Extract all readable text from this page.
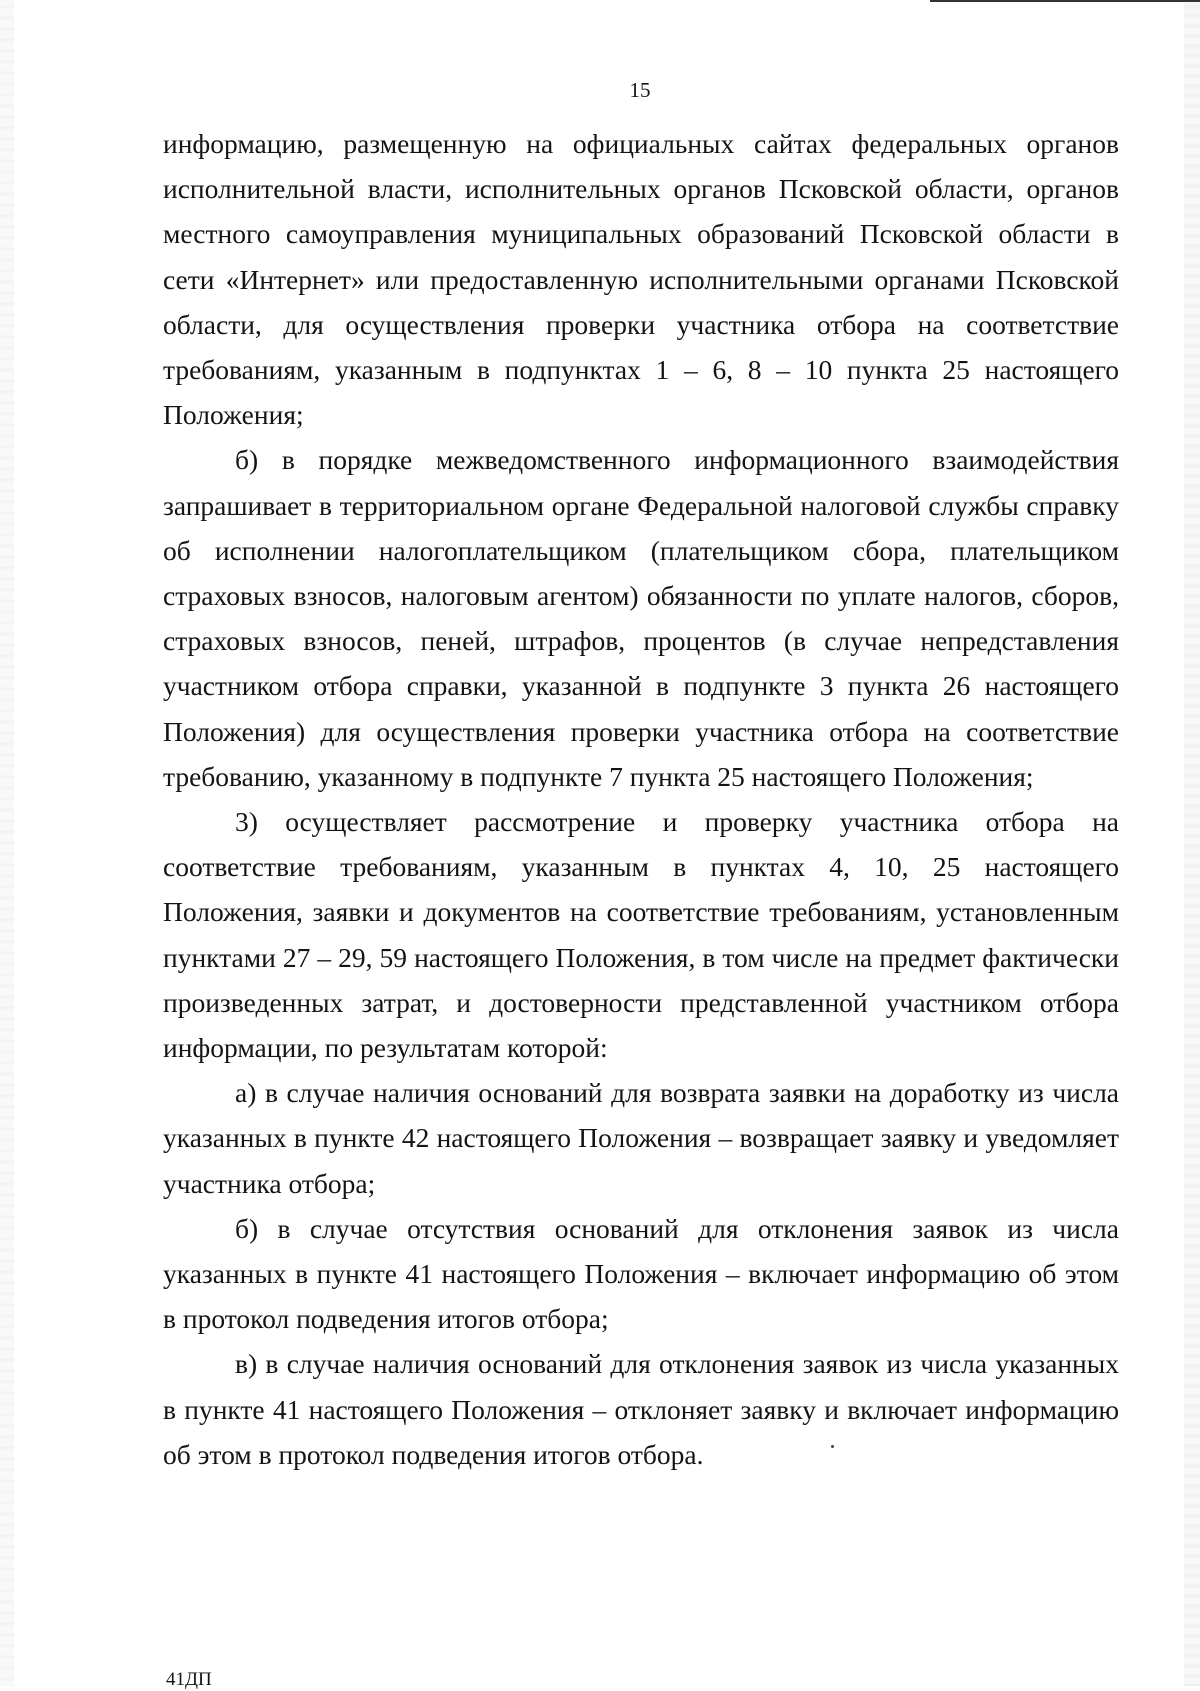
15

информацию, размещенную на официальных сайтах федеральных органов исполнительной власти, исполнительных органов Псковской области, органов местного самоуправления муниципальных образований Псковской области в сети «Интернет» или предоставленную исполнительными органами Псковской области, для осуществления проверки участника отбора на соответствие требованиям, указанным в подпунктах 1 – 6, 8 – 10 пункта 25 настоящего Положения;

б) в порядке межведомственного информационного взаимодействия запрашивает в территориальном органе Федеральной налоговой службы справку об исполнении налогоплательщиком (плательщиком сбора, плательщиком страховых взносов, налоговым агентом) обязанности по уплате налогов, сборов, страховых взносов, пеней, штрафов, процентов (в случае непредставления участником отбора справки, указанной в подпункте 3 пункта 26 настоящего Положения) для осуществления проверки участника отбора на соответствие требованию, указанному в подпункте 7 пункта 25 настоящего Положения;

3) осуществляет рассмотрение и проверку участника отбора на соответствие требованиям, указанным в пунктах 4, 10, 25 настоящего Положения, заявки и документов на соответствие требованиям, установленным пунктами 27 – 29, 59 настоящего Положения, в том числе на предмет фактически произведенных затрат, и достоверности представленной участником отбора информации, по результатам которой:

а) в случае наличия оснований для возврата заявки на доработку из числа указанных в пункте 42 настоящего Положения – возвращает заявку и уведомляет участника отбора;

б) в случае отсутствия оснований для отклонения заявок из числа указанных в пункте 41 настоящего Положения – включает информацию об этом в протокол подведения итогов отбора;

в) в случае наличия оснований для отклонения заявок из числа указанных в пункте 41 настоящего Положения – отклоняет заявку и включает информацию об этом в протокол подведения итогов отбора.

41ДП
